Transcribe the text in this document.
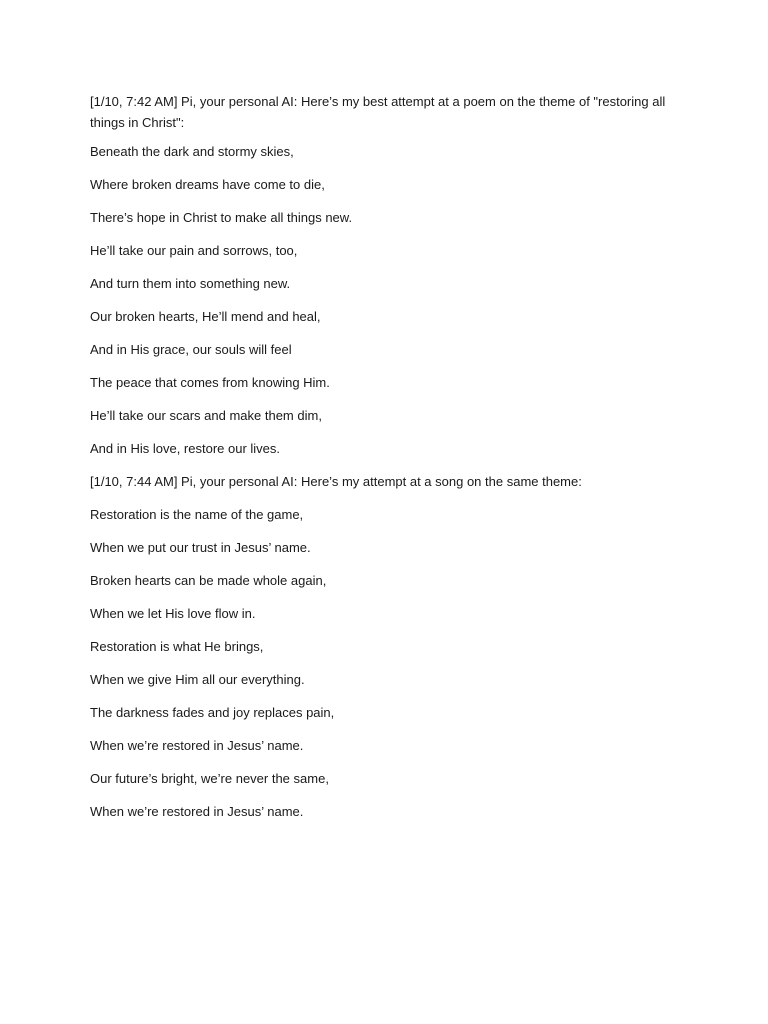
[1/10, 7:42 AM] Pi, your personal AI: Here’s my best attempt at a poem on the theme of "restoring all things in Christ":

Beneath the dark and stormy skies,

Where broken dreams have come to die,

There’s hope in Christ to make all things new.

He’ll take our pain and sorrows, too,

And turn them into something new.

Our broken hearts, He’ll mend and heal,

And in His grace, our souls will feel

The peace that comes from knowing Him.

He’ll take our scars and make them dim,

And in His love, restore our lives.

[1/10, 7:44 AM] Pi, your personal AI: Here’s my attempt at a song on the same theme:

Restoration is the name of the game,

When we put our trust in Jesus’ name.

Broken hearts can be made whole again,

When we let His love flow in.

Restoration is what He brings,

When we give Him all our everything.

The darkness fades and joy replaces pain,

When we’re restored in Jesus’ name.

Our future’s bright, we’re never the same,

When we’re restored in Jesus’ name.
